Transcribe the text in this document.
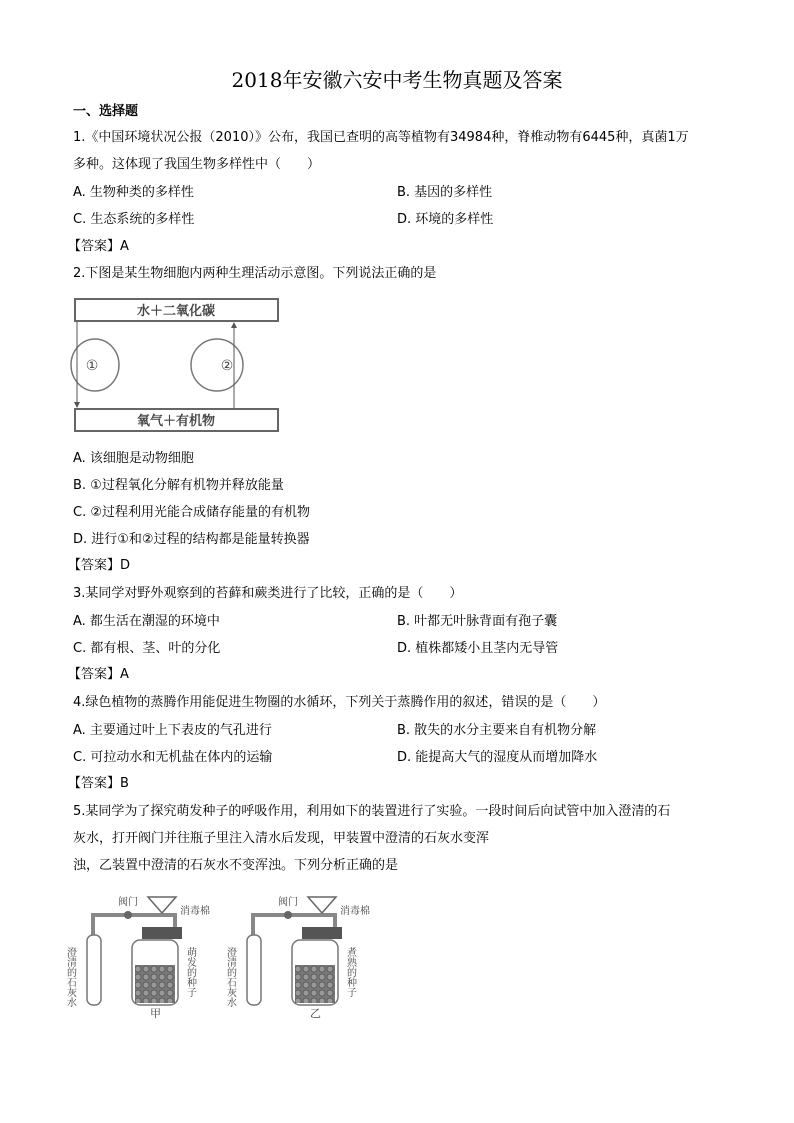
2018年安徽六安中考生物真题及答案
一、选择题
1.《中国环境状况公报（2010）》公布，我国已查明的高等植物有34984种，脊椎动物有6445种，真菌1万
多种。这体现了我国生物多样性中（　　）
A. 生物种类的多样性	B. 基因的多样性
C. 生态系统的多样性	D. 环境的多样性
【答案】A
2.下图是某生物细胞内两种生理活动示意图。下列说法正确的是
水＋二氧化碳
氧气＋有机物
①	②
A. 该细胞是动物细胞
B. ①过程氧化分解有机物并释放能量
C. ②过程利用光能合成储存能量的有机物
D. 进行①和②过程的结构都是能量转换器
【答案】D
3.某同学对野外观察到的苔藓和蕨类进行了比较，正确的是（　　）
A. 都生活在潮湿的环境中	B. 叶都无叶脉背面有孢子囊
C. 都有根、茎、叶的分化	D. 植株都矮小且茎内无导管
【答案】A
4.绿色植物的蒸腾作用能促进生物圈的水循环，下列关于蒸腾作用的叙述，错误的是（　　）
A. 主要通过叶上下表皮的气孔进行	B. 散失的水分主要来自有机物分解
C. 可拉动水和无机盐在体内的运输	D. 能提高大气的湿度从而增加降水
【答案】B
5.某同学为了探究萌发种子的呼吸作用，利用如下的装置进行了实验。一段时间后向试管中加入澄清的石
灰水，打开阀门并往瓶子里注入清水后发现，甲装置中澄清的石灰水变浑
浊，乙装置中澄清的石灰水不变浑浊。下列分析正确的是
阀门
消毒棉
澄清的石灰水	萌发的种子
甲
阀门
消毒棉
澄清的石灰水	煮熟的种子
乙
